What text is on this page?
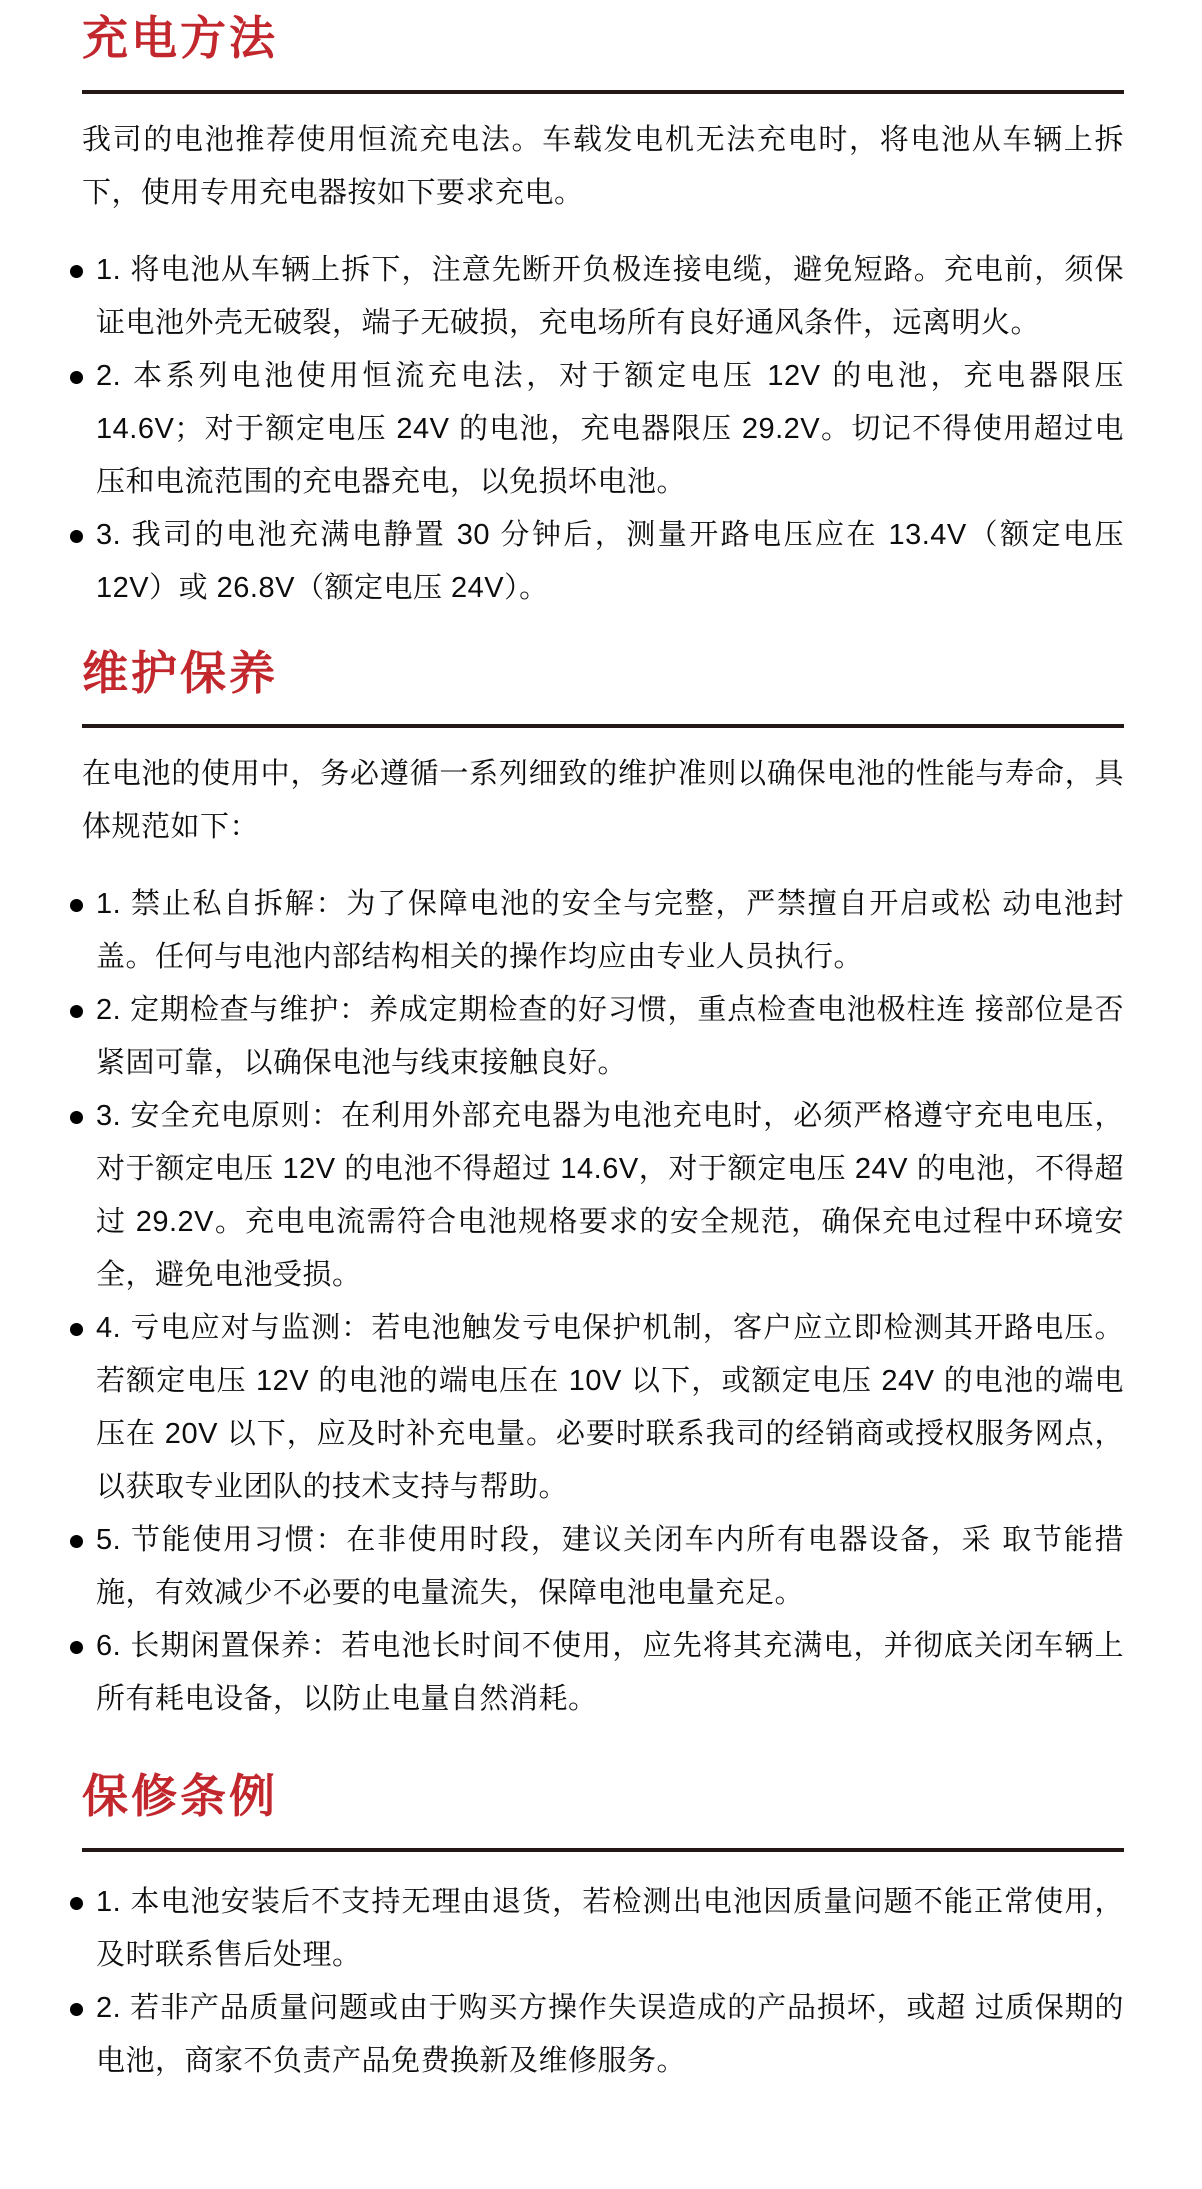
充电方法

我司的电池推荐使用恒流充电法。车载发电机无法充电时，将电池从车辆上拆下，使用专用充电器按如下要求充电。

1. 将电池从车辆上拆下，注意先断开负极连接电缆，避免短路。充电前，须保证电池外壳无破裂，端子无破损，充电场所有良好通风条件，远离明火。
2. 本系列电池使用恒流充电法，对于额定电压 12V 的电池，充电器限压 14.6V；对于额定电压 24V 的电池，充电器限压 29.2V。切记不得使用超过电压和电流范围的充电器充电，以免损坏电池。
3. 我司的电池充满电静置 30 分钟后，测量开路电压应在 13.4V（额定电压 12V）或 26.8V（额定电压 24V）。
维护保养

在电池的使用中，务必遵循一系列细致的维护准则以确保电池的性能与寿命，具体规范如下：

1. 禁止私自拆解：为了保障电池的安全与完整，严禁擅自开启或松 动电池封盖。任何与电池内部结构相关的操作均应由专业人员执行。
2. 定期检查与维护：养成定期检查的好习惯，重点检查电池极柱连 接部位是否紧固可靠，以确保电池与线束接触良好。
3. 安全充电原则：在利用外部充电器为电池充电时，必须严格遵守充电电压，对于额定电压 12V 的电池不得超过 14.6V，对于额定电压 24V 的电池，不得超过 29.2V。充电电流需符合电池规格要求的安全规范，确保充电过程中环境安全，避免电池受损。
4. 亏电应对与监测：若电池触发亏电保护机制，客户应立即检测其开路电压。若额定电压 12V 的电池的端电压在 10V 以下，或额定电压 24V 的电池的端电压在 20V 以下，应及时补充电量。必要时联系我司的经销商或授权服务网点，以获取专业团队的技术支持与帮助。
5. 节能使用习惯：在非使用时段，建议关闭车内所有电器设备，采 取节能措施，有效减少不必要的电量流失，保障电池电量充足。
6. 长期闲置保养：若电池长时间不使用，应先将其充满电，并彻底关闭车辆上所有耗电设备，以防止电量自然消耗。
保修条例
1. 本电池安装后不支持无理由退货，若检测出电池因质量问题不能正常使用，及时联系售后处理。
2. 若非产品质量问题或由于购买方操作失误造成的产品损坏，或超 过质保期的电池，商家不负责产品免费换新及维修服务。
